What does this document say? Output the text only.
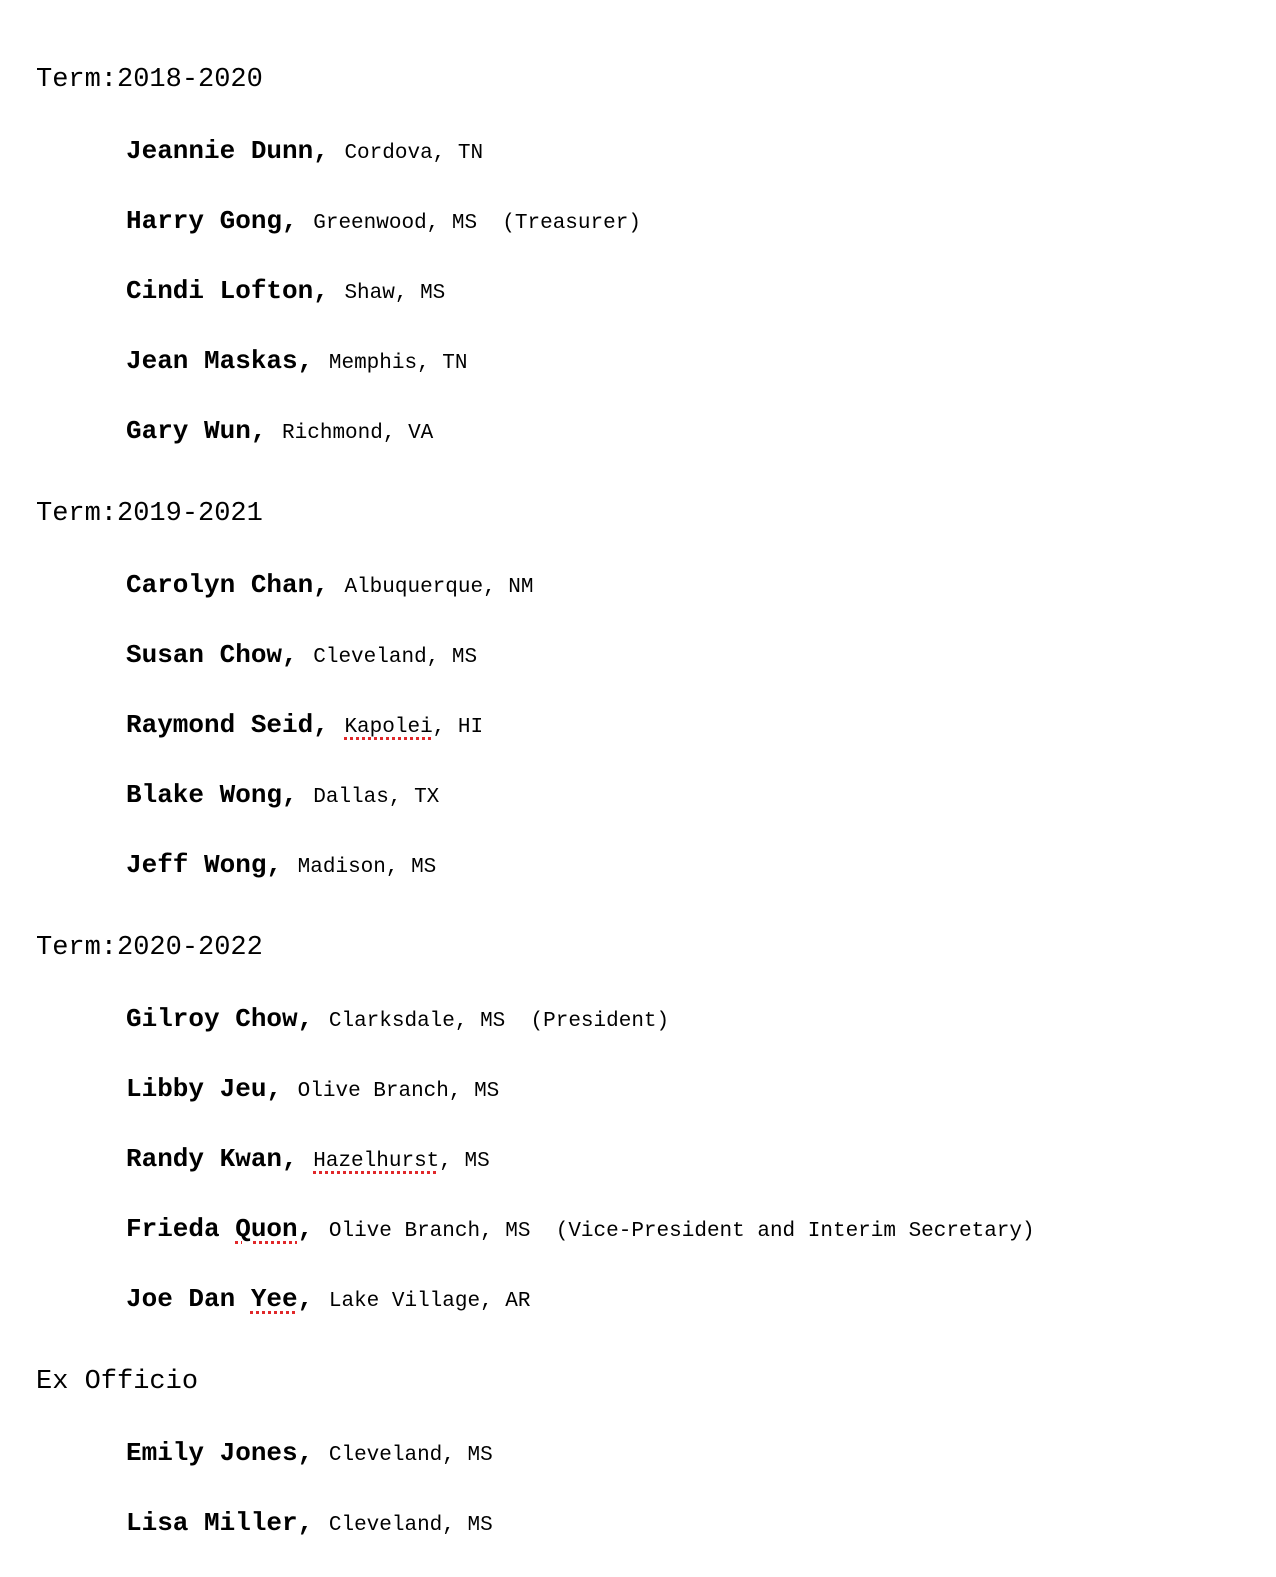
Term:2018-2020

Jeannie Dunn, Cordova, TN

Harry Gong, Greenwood, MS (Treasurer)

Cindi Lofton, Shaw, MS

Jean Maskas, Memphis, TN

Gary Wun, Richmond, VA

Term:2019-2021

Carolyn Chan, Albuquerque, NM

Susan Chow, Cleveland, MS

Raymond Seid, Kapolei, HI

Blake Wong, Dallas, TX

Jeff Wong, Madison, MS

Term:2020-2022

Gilroy Chow, Clarksdale, MS (President)

Libby Jeu, Olive Branch, MS

Randy Kwan, Hazelhurst, MS

Frieda Quon, Olive Branch, MS (Vice-President and Interim Secretary)

Joe Dan Yee, Lake Village, AR

Ex Officio

Emily Jones, Cleveland, MS

Lisa Miller, Cleveland, MS
